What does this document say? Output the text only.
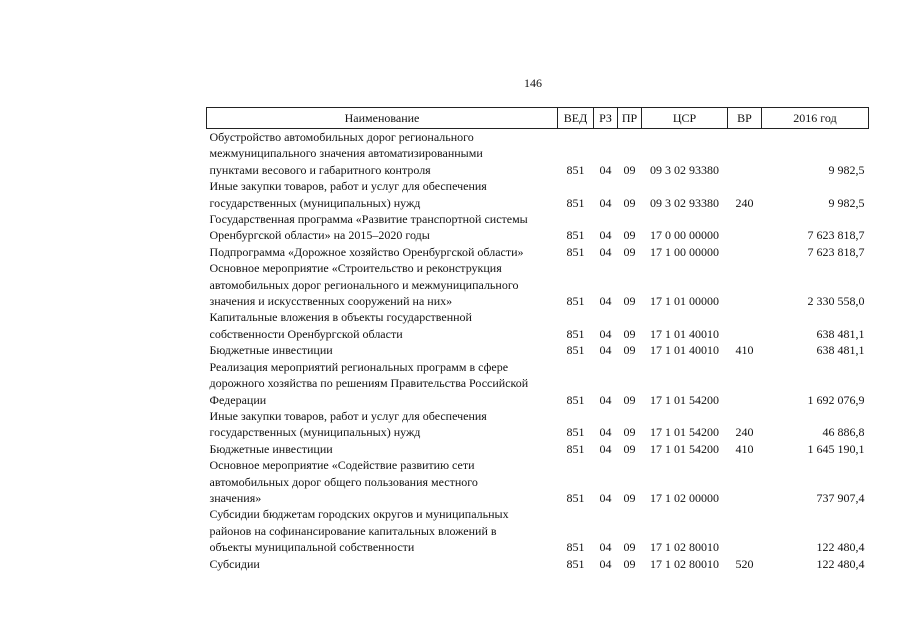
146
Наименование	ВЕД	РЗ	ПР	ЦСР	ВР	2016 год

Обустройство автомобильных дорог регионального
межмуниципального значения автоматизированными
пунктами весового и габаритного контроля	851	04	09	09 3 02 93380		9 982,5

Иные закупки товаров, работ и услуг для обеспечения
государственных (муниципальных) нужд	851	04	09	09 3 02 93380	240	9 982,5

Государственная программа «Развитие транспортной системы
Оренбургской области» на 2015–2020 годы	851	04	09	17 0 00 00000		7 623 818,7

Подпрограмма «Дорожное хозяйство Оренбургской области»	851	04	09	17 1 00 00000		7 623 818,7

Основное мероприятие «Строительство и реконструкция
автомобильных дорог регионального и межмуниципального
значения и искусственных сооружений на них»	851	04	09	17 1 01 00000		2 330 558,0

Капитальные вложения в объекты государственной
собственности Оренбургской области	851	04	09	17 1 01 40010		638 481,1

Бюджетные инвестиции	851	04	09	17 1 01 40010	410	638 481,1

Реализация мероприятий региональных программ в сфере
дорожного хозяйства по решениям Правительства Российской
Федерации	851	04	09	17 1 01 54200		1 692 076,9

Иные закупки товаров, работ и услуг для обеспечения
государственных (муниципальных) нужд	851	04	09	17 1 01 54200	240	46 886,8

Бюджетные инвестиции	851	04	09	17 1 01 54200	410	1 645 190,1

Основное мероприятие «Содействие развитию сети
автомобильных дорог общего пользования местного
значения»	851	04	09	17 1 02 00000		737 907,4

Субсидии бюджетам городских округов и муниципальных
районов на софинансирование капитальных вложений в
объекты муниципальной собственности	851	04	09	17 1 02 80010		122 480,4

Субсидии	851	04	09	17 1 02 80010	520	122 480,4
